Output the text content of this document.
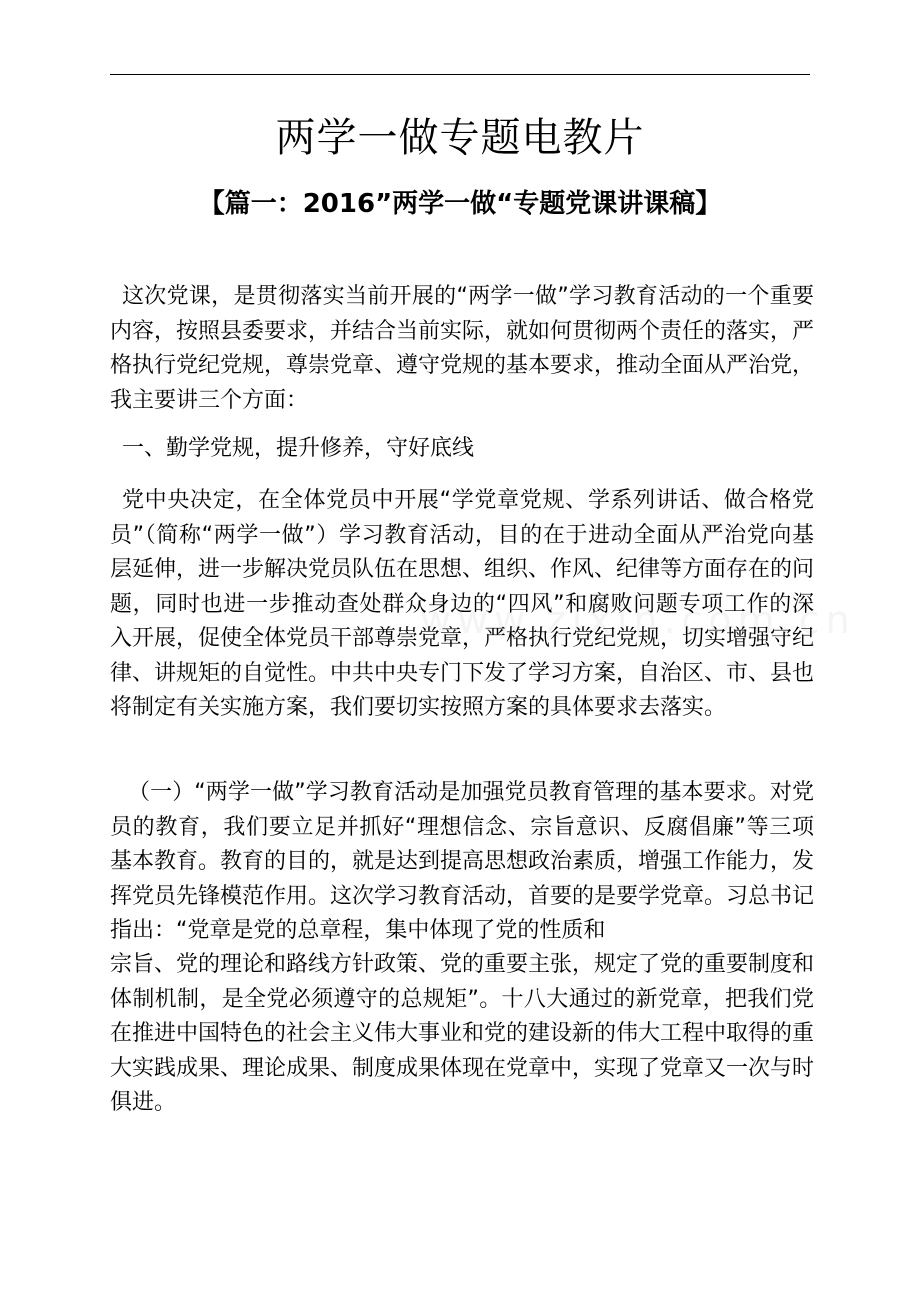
两学一做专题电教片
【篇一：2016”两学一做“专题党课讲课稿】

这次党课，是贯彻落实当前开展的“两学一做”学习教育活动的一个重要内容，按照县委要求，并结合当前实际，就如何贯彻两个责任的落实，严格执行党纪党规，尊崇党章、遵守党规的基本要求，推动全面从严治党，我主要讲三个方面：

一、勤学党规，提升修养，守好底线

党中央决定，在全体党员中开展“学党章党规、学系列讲话、做合格党员”（简称“两学一做”）学习教育活动，目的在于进动全面从严治党向基层延伸，进一步解决党员队伍在思想、组织、作风、纪律等方面存在的问题，同时也进一步推动查处群众身边的“四风”和腐败问题专项工作的深入开展，促使全体党员干部尊崇党章，严格执行党纪党规，切实增强守纪律、讲规矩的自觉性。中共中央专门下发了学习方案，自治区、市、县也将制定有关实施方案，我们要切实按照方案的具体要求去落实。

（一）“两学一做”学习教育活动是加强党员教育管理的基本要求。对党员的教育，我们要立足并抓好“理想信念、宗旨意识、反腐倡廉”等三项基本教育。教育的目的，就是达到提高思想政治素质，增强工作能力，发挥党员先锋模范作用。这次学习教育活动，首要的是要学党章。习总书记指出：“党章是党的总章程，集中体现了党的性质和

宗旨、党的理论和路线方针政策、党的重要主张，规定了党的重要制度和体制机制，是全党必须遵守的总规矩”。十八大通过的新党章，把我们党在推进中国特色的社会主义伟大事业和党的建设新的伟大工程中取得的重大实践成果、理论成果、制度成果体现在党章中，实现了党章又一次与时俱进。
